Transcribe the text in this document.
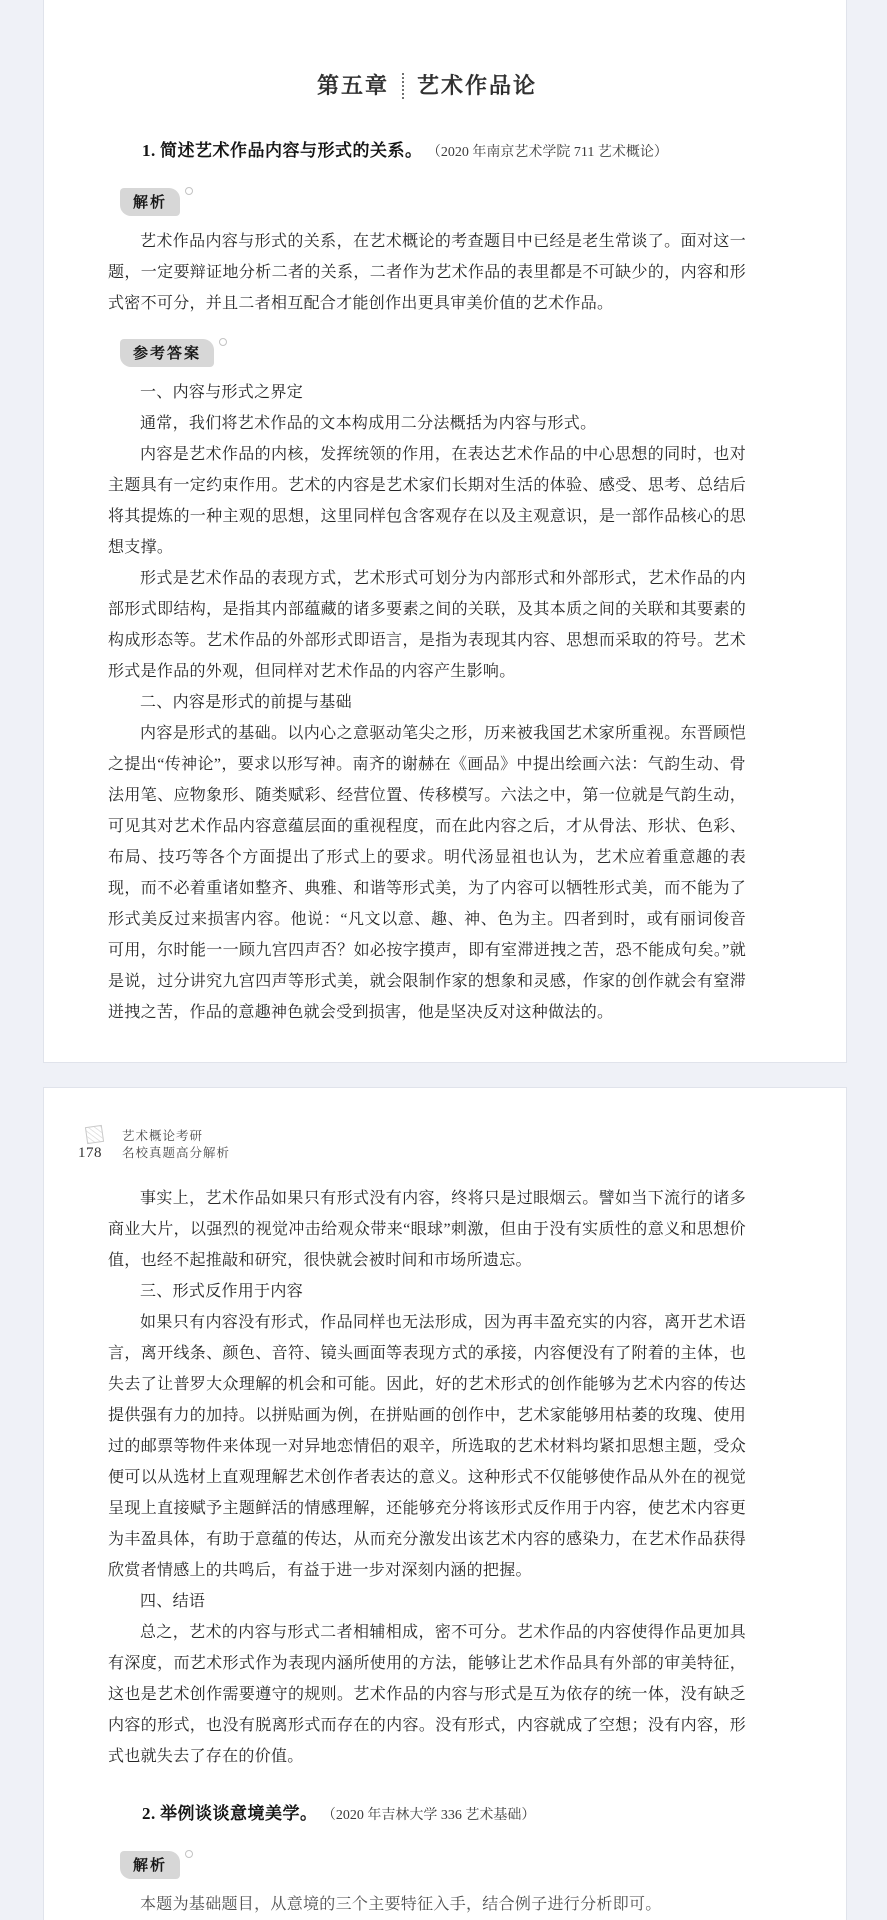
第五章 艺术作品论
1. 简述艺术作品内容与形式的关系。 （2020 年南京艺术学院 711 艺术概论）
解析

艺术作品内容与形式的关系，在艺术概论的考查题目中已经是老生常谈了。面对这一题，一定要辩证地分析二者的关系，二者作为艺术作品的表里都是不可缺少的，内容和形式密不可分，并且二者相互配合才能创作出更具审美价值的艺术作品。

参考答案

一、内容与形式之界定

通常，我们将艺术作品的文本构成用二分法概括为内容与形式。

内容是艺术作品的内核，发挥统领的作用，在表达艺术作品的中心思想的同时，也对主题具有一定约束作用。艺术的内容是艺术家们长期对生活的体验、感受、思考、总结后将其提炼的一种主观的思想，这里同样包含客观存在以及主观意识，是一部作品核心的思想支撑。

形式是艺术作品的表现方式，艺术形式可划分为内部形式和外部形式，艺术作品的内部形式即结构，是指其内部蕴藏的诸多要素之间的关联，及其本质之间的关联和其要素的构成形态等。艺术作品的外部形式即语言，是指为表现其内容、思想而采取的符号。艺术形式是作品的外观，但同样对艺术作品的内容产生影响。

二、内容是形式的前提与基础

内容是形式的基础。以内心之意驱动笔尖之形，历来被我国艺术家所重视。东晋顾恺之提出“传神论”，要求以形写神。南齐的谢赫在《画品》中提出绘画六法：气韵生动、骨法用笔、应物象形、随类赋彩、经营位置、传移模写。六法之中，第一位就是气韵生动，可见其对艺术作品内容意蕴层面的重视程度，而在此内容之后，才从骨法、形状、色彩、布局、技巧等各个方面提出了形式上的要求。明代汤显祖也认为，艺术应着重意趣的表现，而不必着重诸如整齐、典雅、和谐等形式美，为了内容可以牺牲形式美，而不能为了形式美反过来损害内容。他说：“凡文以意、趣、神、色为主。四者到时，或有丽词俊音可用，尔时能一一顾九宫四声否？如必按字摸声，即有室滞迸拽之苦，恐不能成句矣。”就是说，过分讲究九宫四声等形式美，就会限制作家的想象和灵感，作家的创作就会有窒滞迸拽之苦，作品的意趣神色就会受到损害，他是坚决反对这种做法的。

178
艺术概论考研
名校真题高分解析

事实上，艺术作品如果只有形式没有内容，终将只是过眼烟云。譬如当下流行的诸多商业大片，以强烈的视觉冲击给观众带来“眼球”刺激，但由于没有实质性的意义和思想价值，也经不起推敲和研究，很快就会被时间和市场所遗忘。

三、形式反作用于内容

如果只有内容没有形式，作品同样也无法形成，因为再丰盈充实的内容，离开艺术语言，离开线条、颜色、音符、镜头画面等表现方式的承接，内容便没有了附着的主体，也失去了让普罗大众理解的机会和可能。因此，好的艺术形式的创作能够为艺术内容的传达提供强有力的加持。以拼贴画为例，在拼贴画的创作中，艺术家能够用枯萎的玫瑰、使用过的邮票等物件来体现一对异地恋情侣的艰辛，所选取的艺术材料均紧扣思想主题，受众便可以从选材上直观理解艺术创作者表达的意义。这种形式不仅能够使作品从外在的视觉呈现上直接赋予主题鲜活的情感理解，还能够充分将该形式反作用于内容，使艺术内容更为丰盈具体，有助于意蕴的传达，从而充分激发出该艺术内容的感染力，在艺术作品获得欣赏者情感上的共鸣后，有益于进一步对深刻内涵的把握。

四、结语

总之，艺术的内容与形式二者相辅相成，密不可分。艺术作品的内容使得作品更加具有深度，而艺术形式作为表现内涵所使用的方法，能够让艺术作品具有外部的审美特征，这也是艺术创作需要遵守的规则。艺术作品的内容与形式是互为依存的统一体，没有缺乏内容的形式，也没有脱离形式而存在的内容。没有形式，内容就成了空想；没有内容，形式也就失去了存在的价值。

2. 举例谈谈意境美学。 （2020 年吉林大学 336 艺术基础）
解析

本题为基础题目，从意境的三个主要特征入手，结合例子进行分析即可。
